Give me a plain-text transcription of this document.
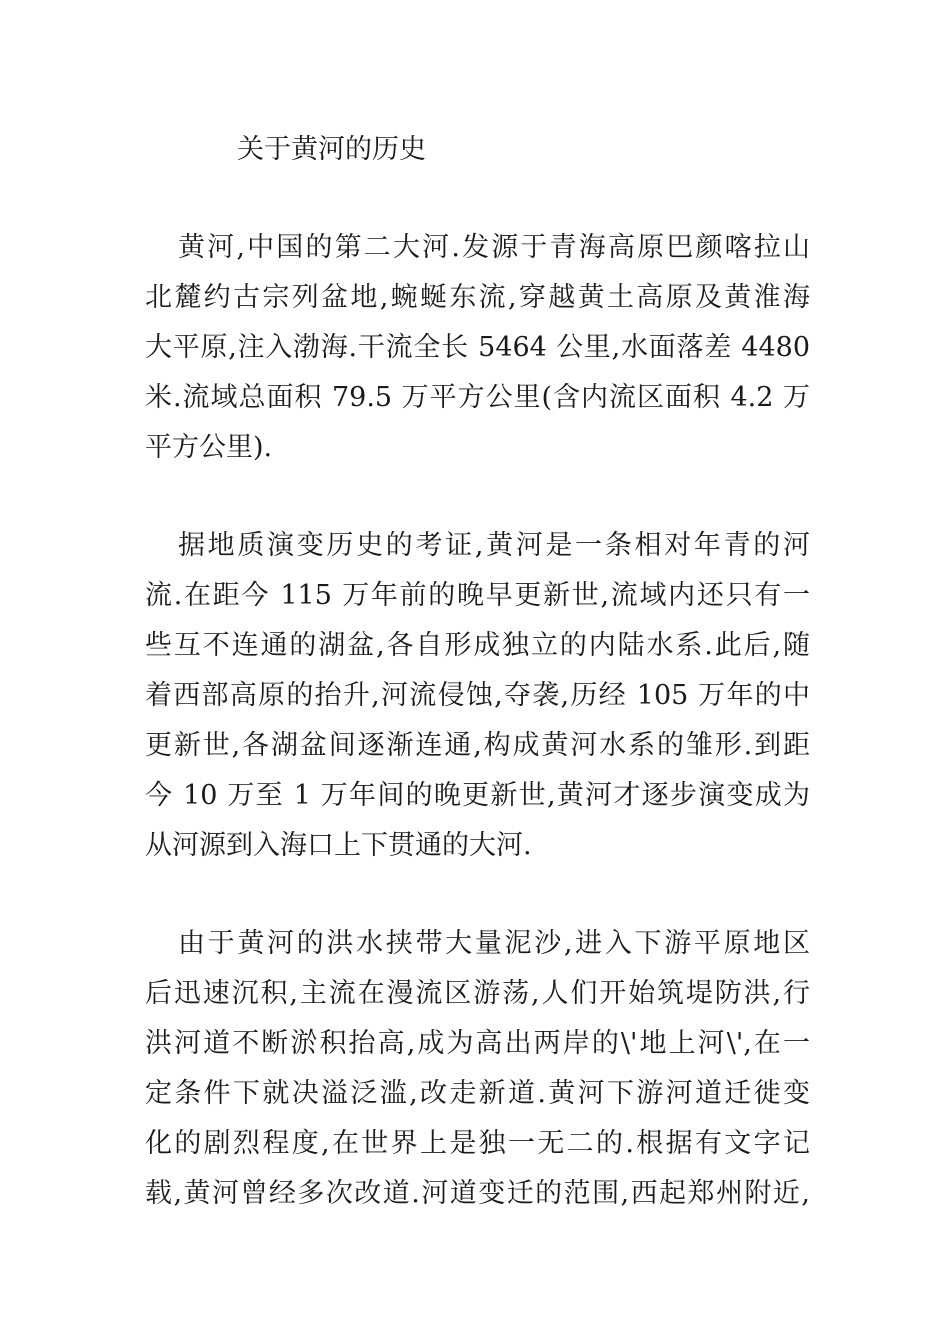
关于黄河的历史
黄河,中国的第二大河.发源于青海高原巴颜喀拉山
北麓约古宗列盆地,蜿蜒东流,穿越黄土高原及黄淮海
大平原,注入渤海.干流全长 5464 公里,水面落差 4480
米.流域总面积 79.5 万平方公里(含内流区面积 4.2 万
平方公里).
据地质演变历史的考证,黄河是一条相对年青的河
流.在距今 115 万年前的晚早更新世,流域内还只有一
些互不连通的湖盆,各自形成独立的内陆水系.此后,随
着西部高原的抬升,河流侵蚀,夺袭,历经 105 万年的中
更新世,各湖盆间逐渐连通,构成黄河水系的雏形.到距
今 10 万至 1 万年间的晚更新世,黄河才逐步演变成为
从河源到入海口上下贯通的大河.
由于黄河的洪水挟带大量泥沙,进入下游平原地区
后迅速沉积,主流在漫流区游荡,人们开始筑堤防洪,行
洪河道不断淤积抬高,成为高出两岸的\'地上河\',在一
定条件下就决溢泛滥,改走新道.黄河下游河道迁徙变
化的剧烈程度,在世界上是独一无二的.根据有文字记
载,黄河曾经多次改道.河道变迁的范围,西起郑州附近,
